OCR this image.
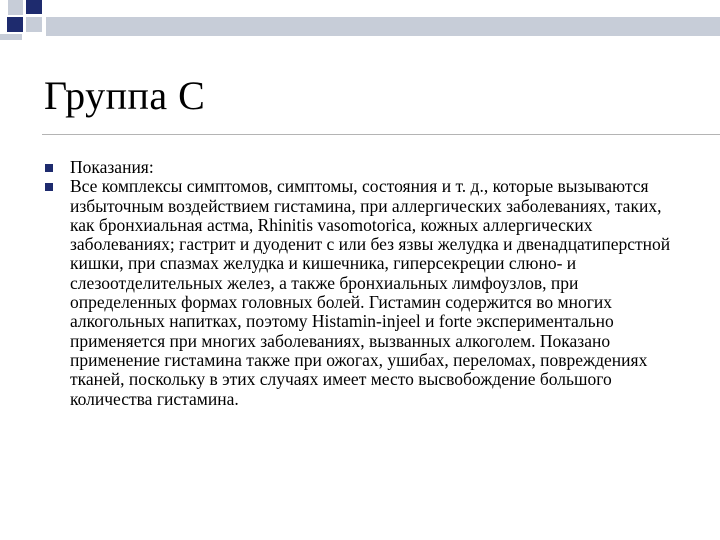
Группа С
Показания:
Все комплексы симптомов, симптомы, состояния и т. д., которые вызываются избыточным воздействием гистамина, при аллергических заболеваниях, таких, как бронхиальная астма, Rhinitis vasomotorica, кожных аллергических заболеваниях; гастрит и дуоденит с или без язвы желудка и двенадцатиперстной кишки, при спазмах желудка и кишечника, гиперсекреции слюно- и слезоотделительных желез, а также бронхиальных лимфоузлов, при определенных формах головных болей. Гистамин содержится во многих алкогольных напитках, поэтому Histamin-injeel и forte экспериментально применяется при многих заболеваниях, вызванных алкоголем. Показано применение гистамина также при ожогах, ушибах, переломах, повреждениях тканей, поскольку в этих случаях имеет место высвобождение большого количества гистамина.
